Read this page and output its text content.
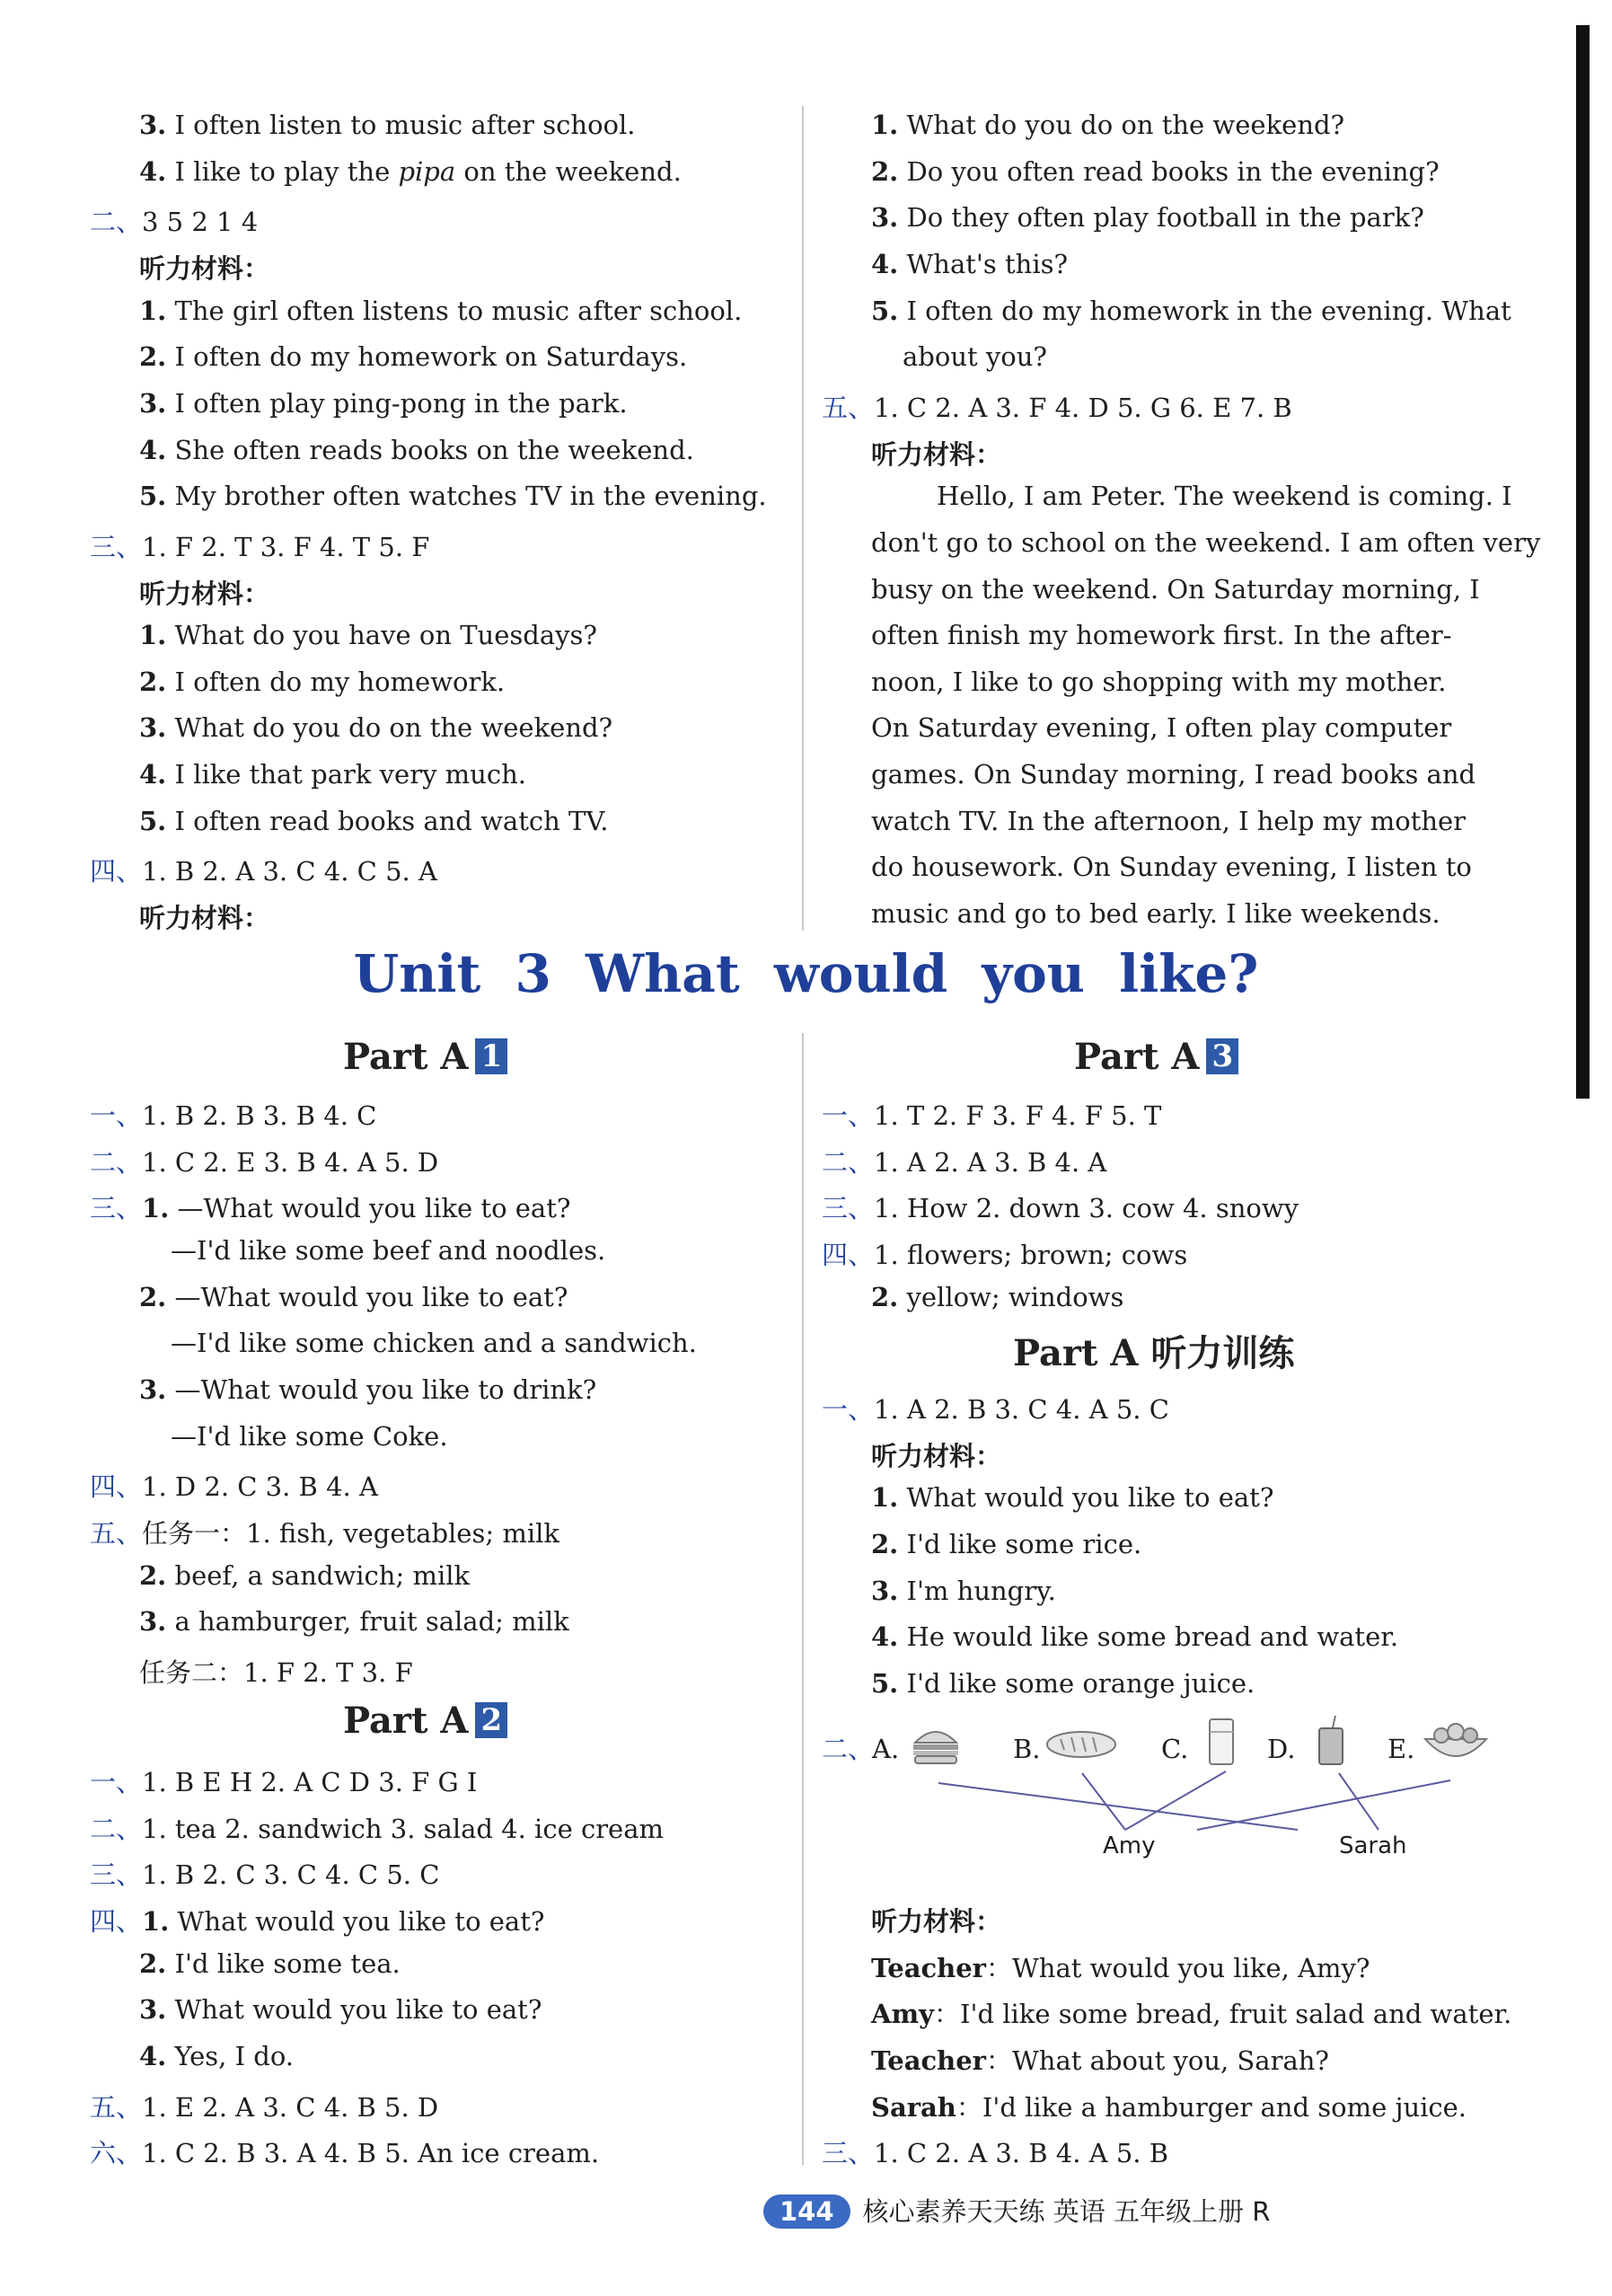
3. I often listen to music after school.
4. I like to play the pipa on the weekend.
二、3 5 2 1 4
听力材料：
1. The girl often listens to music after school.
2. I often do my homework on Saturdays.
3. I often play ping-pong in the park.
4. She often reads books on the weekend.
5. My brother often watches TV in the evening.
三、1. F 2. T 3. F 4. T 5. F
听力材料：
1. What do you have on Tuesdays?
2. I often do my homework.
3. What do you do on the weekend?
4. I like that park very much.
5. I often read books and watch TV.
四、1. B 2. A 3. C 4. C 5. A
听力材料：
1. What do you do on the weekend?
2. Do you often read books in the evening?
3. Do they often play football in the park?
4. What's this?
5. I often do my homework in the evening. What
about you?
五、1. C 2. A 3. F 4. D 5. G 6. E 7. B
听力材料：
Hello, I am Peter. The weekend is coming. I
don't go to school on the weekend. I am often very
busy on the weekend. On Saturday morning, I
often finish my homework first. In the after-
noon, I like to go shopping with my mother.
On Saturday evening, I often play computer
games. On Sunday morning, I read books and
watch TV. In the afternoon, I help my mother
do housework. On Sunday evening, I listen to
music and go to bed early. I like weekends.
Unit 3 What would you like?
Part A 1	Part A 3
Part A 2
Part A 听力训练
一、1. B 2. B 3. B 4. C
二、1. C 2. E 3. B 4. A 5. D
三、1. —What would you like to eat?
—I'd like some beef and noodles.
2. —What would you like to eat?
—I'd like some chicken and a sandwich.
3. —What would you like to drink?
—I'd like some Coke.
四、1. D 2. C 3. B 4. A
五、任务一：1. fish, vegetables; milk
2. beef, a sandwich; milk
3. a hamburger, fruit salad; milk
任务二：1. F 2. T 3. F
一、1. B E H 2. A C D 3. F G I
二、1. tea 2. sandwich 3. salad 4. ice cream
三、1. B 2. C 3. C 4. C 5. C
四、1. What would you like to eat?
2. I'd like some tea.
3. What would you like to eat?
4. Yes, I do.
五、1. E 2. A 3. C 4. B 5. D
六、1. C 2. B 3. A 4. B 5. An ice cream.
一、1. T 2. F 3. F 4. F 5. T
二、1. A 2. A 3. B 4. A
三、1. How 2. down 3. cow 4. snowy
四、1. flowers; brown; cows
2. yellow; windows
一、1. A 2. B 3. C 4. A 5. C
听力材料：
1. What would you like to eat?
2. I'd like some rice.
3. I'm hungry.
4. He would like some bread and water.
5. I'd like some orange juice.
二、
A.	B.	C.	D.	E.
Amy	Sarah
听力材料：
Teacher：What would you like, Amy?
Amy：I'd like some bread, fruit salad and water.
Teacher：What about you, Sarah?
Sarah：I'd like a hamburger and some juice.
三、1. C 2. A 3. B 4. A 5. B
144 核心素养天天练 英语 五年级上册 R
